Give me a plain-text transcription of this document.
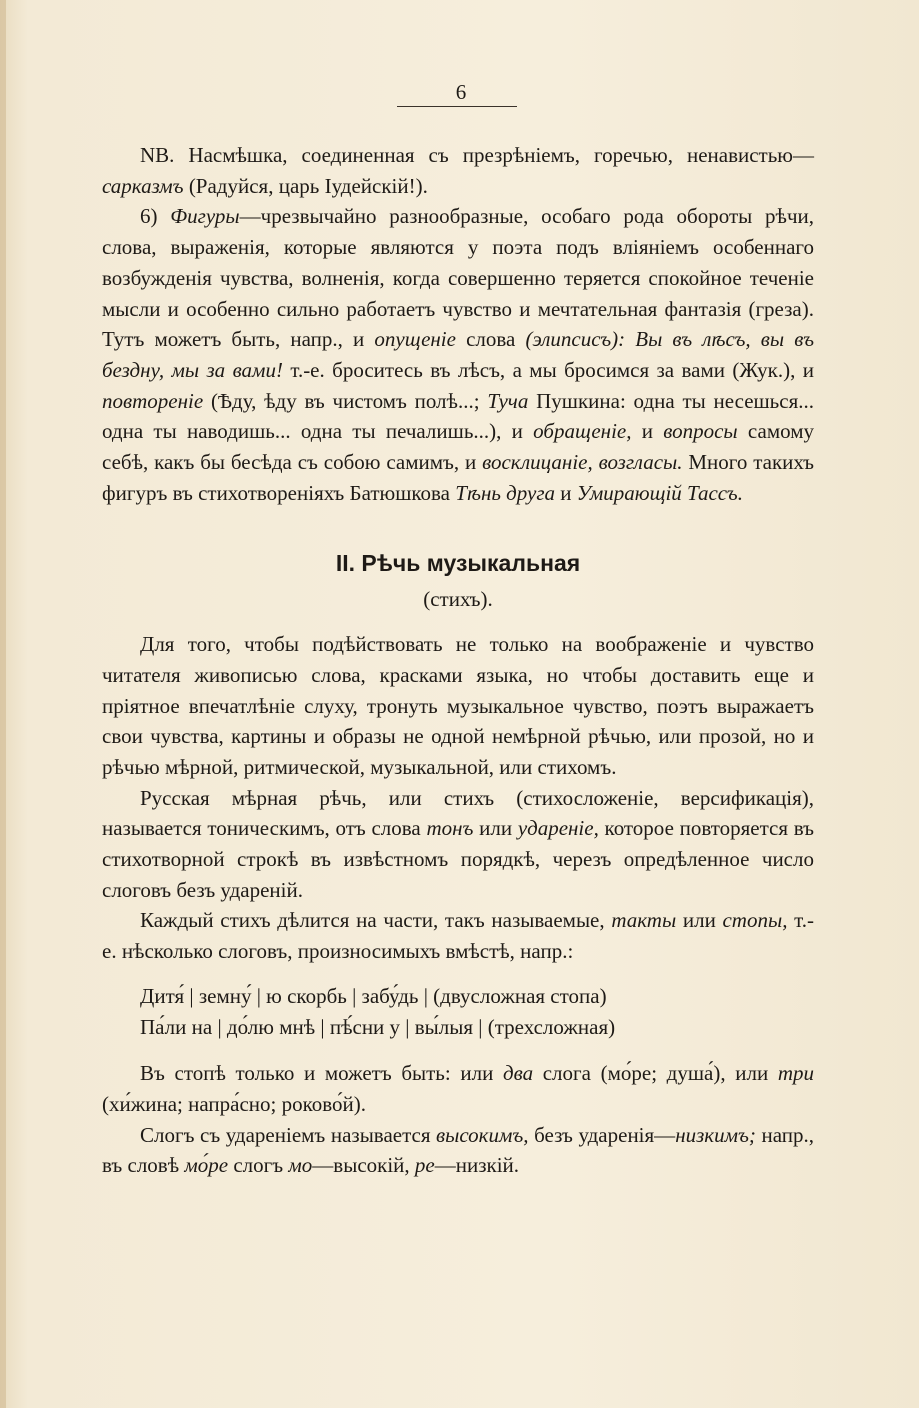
6

NB. Насмѣшка, соединенная съ презрѣніемъ, горечью, ненавистью—сарказмъ (Радуйся, царь Іудейскій!).

6) Фигуры—чрезвычайно разнообразные, особаго рода обороты рѣчи, слова, выраженія, которые являются у поэта подъ вліяніемъ особеннаго возбужденія чувства, волненія, когда совершенно теряется спокойное теченіе мысли и особенно сильно работаетъ чувство и мечтательная фантазія (греза). Тутъ можетъ быть, напр., и опущеніе слова (элипсисъ): Вы въ лѣсъ, вы въ бездну, мы за вами! т.-е. броситесь въ лѣсъ, а мы бросимся за вами (Жук.), и повтореніе (Ѣду, ѣду въ чистомъ полѣ...; Туча Пушкина: одна ты несешься... одна ты наводишь... одна ты печалишь...), и обращеніе, и вопросы самому себѣ, какъ бы бесѣда съ собою самимъ, и восклицаніе, возгласы. Много такихъ фигуръ въ стихотвореніяхъ Батюшкова Тѣнь друга и Умирающій Тассъ.

II. Рѣчь музыкальная

(стихъ).

Для того, чтобы подѣйствовать не только на воображеніе и чувство читателя живописью слова, красками языка, но чтобы доставить еще и пріятное впечатлѣніе слуху, тронуть музыкальное чувство, поэтъ выражаетъ свои чувства, картины и образы не одной немѣрной рѣчью, или прозой, но и рѣчью мѣрной, ритмической, музыкальной, или стихомъ.

Русская мѣрная рѣчь, или стихъ (стихосложеніе, версификація), называется тоническимъ, отъ слова тонъ или удареніе, которое повторяется въ стихотворной строкѣ въ извѣстномъ порядкѣ, черезъ опредѣленное число слоговъ безъ удареній.

Каждый стихъ дѣлится на части, такъ называемые, такты или стопы, т.-е. нѣсколько слоговъ, произносимыхъ вмѣстѣ, напр.:

Дитя́ | земну́ | ю скорбь | забу́дь | (двусложная стопа)

Па́ли на | до́лю мнѣ | пѣ́сни у | вы́лыя | (трехсложная)

Въ стопѣ только и можетъ быть: или два слога (мо́ре; душа́), или три (хи́жина; напра́сно; роково́й).

Слогъ съ удареніемъ называется высокимъ, безъ ударенія—низкимъ; напр., въ словѣ мо́ре слогъ мо—высокій, ре—низкій.
